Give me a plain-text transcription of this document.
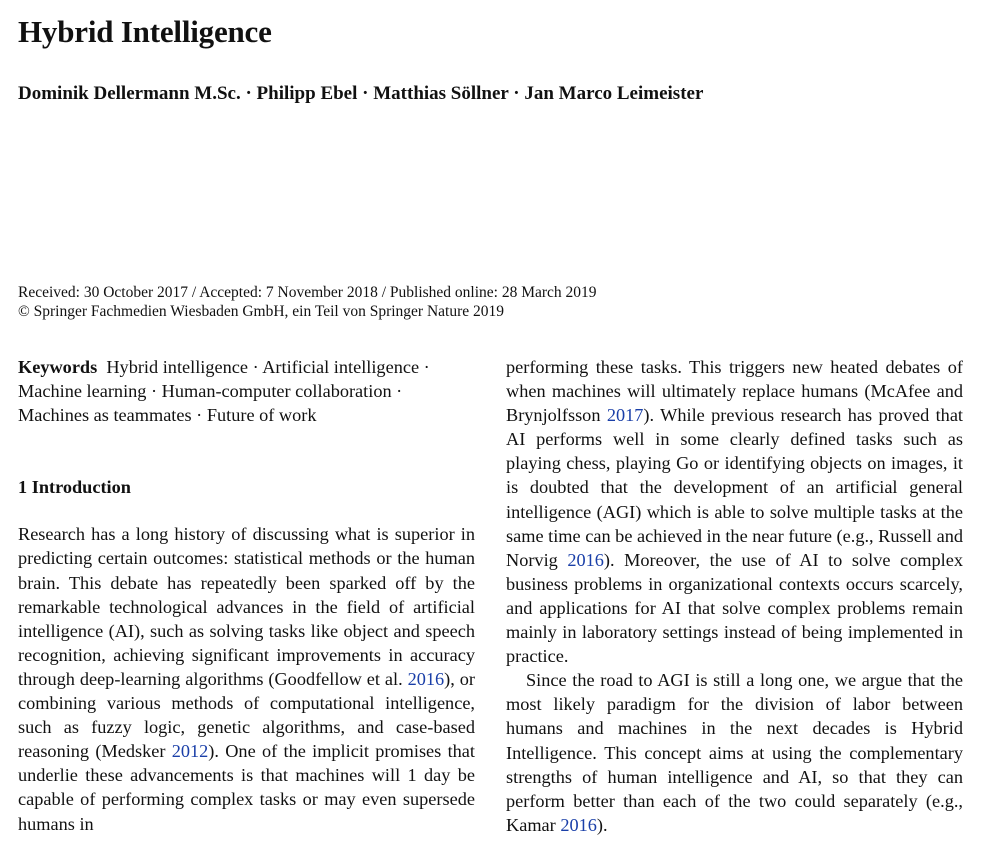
Hybrid Intelligence
Dominik Dellermann M.Sc. · Philipp Ebel · Matthias Söllner · Jan Marco Leimeister
Received: 30 October 2017 / Accepted: 7 November 2018 / Published online: 28 March 2019
© Springer Fachmedien Wiesbaden GmbH, ein Teil von Springer Nature 2019

Keywords Hybrid intelligence · Artificial intelligence · Machine learning · Human-computer collaboration · Machines as teammates · Future of work

1 Introduction

Research has a long history of discussing what is superior in predicting certain outcomes: statistical methods or the human brain. This debate has repeatedly been sparked off by the remarkable technological advances in the field of artificial intelligence (AI), such as solving tasks like object and speech recognition, achieving significant improvements in accuracy through deep-learning algorithms (Goodfellow et al. 2016), or combining various methods of computational intelligence, such as fuzzy logic, genetic algorithms, and case-based reasoning (Medsker 2012). One of the implicit promises that underlie these advancements is that machines will 1 day be capable of performing complex tasks or may even supersede humans in

performing these tasks. This triggers new heated debates of when machines will ultimately replace humans (McAfee and Brynjolfsson 2017). While previous research has proved that AI performs well in some clearly defined tasks such as playing chess, playing Go or identifying objects on images, it is doubted that the development of an artificial general intelligence (AGI) which is able to solve multiple tasks at the same time can be achieved in the near future (e.g., Russell and Norvig 2016). Moreover, the use of AI to solve complex business problems in organizational contexts occurs scarcely, and applications for AI that solve complex problems remain mainly in laboratory settings instead of being implemented in practice.

Since the road to AGI is still a long one, we argue that the most likely paradigm for the division of labor between humans and machines in the next decades is Hybrid Intelligence. This concept aims at using the complementary strengths of human intelligence and AI, so that they can perform better than each of the two could separately (e.g., Kamar 2016).
